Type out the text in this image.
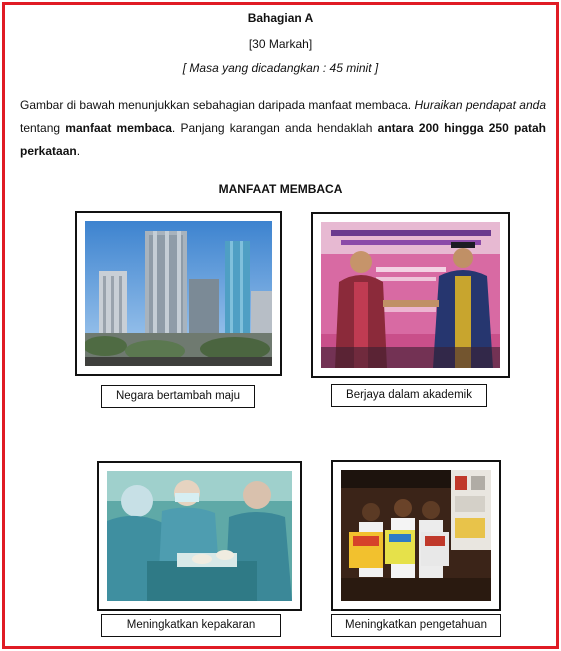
Bahagian A
[30 Markah]
[ Masa yang dicadangkan : 45 minit ]
Gambar di bawah menunjukkan sebahagian daripada manfaat membaca. Huraikan pendapat anda tentang manfaat membaca. Panjang karangan anda hendaklah antara 200 hingga 250 patah perkataan.
MANFAAT MEMBACA
Negara bertambah maju	Berjaya dalam akademik
Meningkatkan kepakaran	Meningkatkan pengetahuan
